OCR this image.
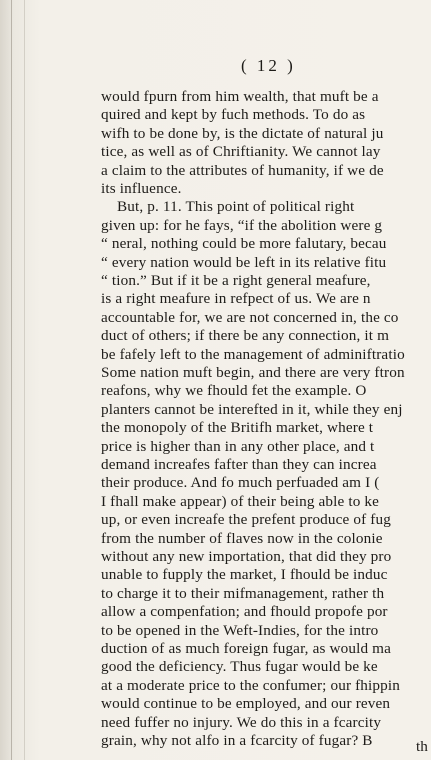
( 12 )
would fpurn from him wealth, that muft be a
quired and kept by fuch methods. To do as
wifh to be done by, is the dictate of natural ju
tice, as well as of Chriftianity. We cannot lay
a claim to the attributes of humanity, if we de
its influence.
But, p. 11. This point of political right
given up: for he fays, “if the abolition were g
“ neral, nothing could be more falutary, becau
“ every nation would be left in its relative fitu
“ tion.” But if it be a right general meafure,
is a right meafure in refpect of us. We are n
accountable for, we are not concerned in, the co
duct of others; if there be any connection, it m
be fafely left to the management of adminiftratio
Some nation muft begin, and there are very ftron
reafons, why we fhould fet the example. O
planters cannot be interefted in it, while they enj
the monopoly of the Britifh market, where t
price is higher than in any other place, and t
demand increafes fafter than they can increa
their produce. And fo much perfuaded am I (
I fhall make appear) of their being able to ke
up, or even increafe the prefent produce of fug
from the number of flaves now in the colonie
without any new importation, that did they pro
unable to fupply the market, I fhould be induc
to charge it to their mifmanagement, rather th
allow a compenfation; and fhould propofe por
to be opened in the Weft-Indies, for the intro
duction of as much foreign fugar, as would ma
good the deficiency. Thus fugar would be ke
at a moderate price to the confumer; our fhippin
would continue to be employed, and our reven
need fuffer no injury. We do this in a fcarcity
grain, why not alfo in a fcarcity of fugar? B	th
